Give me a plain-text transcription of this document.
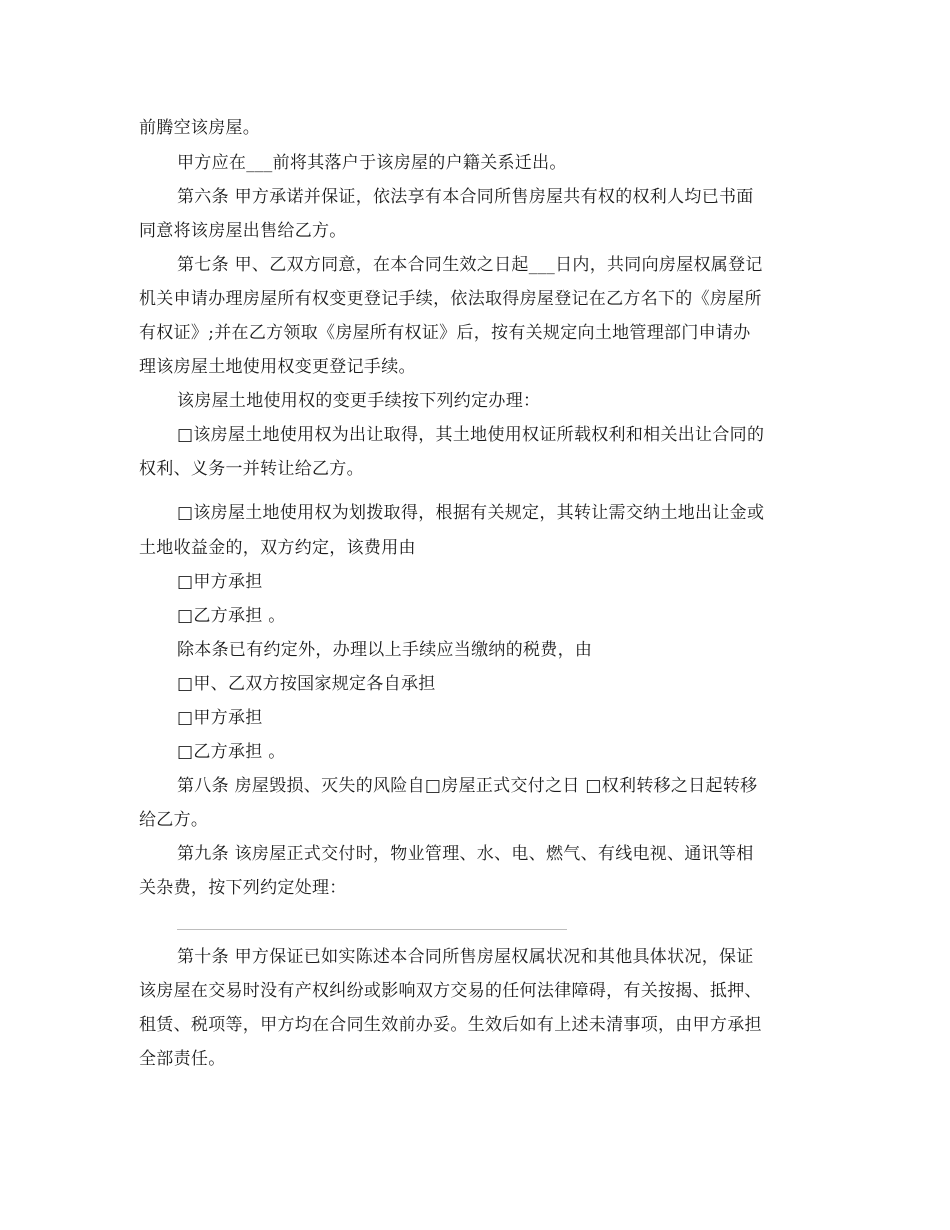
前腾空该房屋。
甲方应在___前将其落户于该房屋的户籍关系迁出。
第六条 甲方承诺并保证，依法享有本合同所售房屋共有权的权利人均已书面
同意将该房屋出售给乙方。
第七条 甲、乙双方同意，在本合同生效之日起___日内，共同向房屋权属登记
机关申请办理房屋所有权变更登记手续，依法取得房屋登记在乙方名下的《房屋所
有权证》;并在乙方领取《房屋所有权证》后，按有关规定向土地管理部门申请办
理该房屋土地使用权变更登记手续。
该房屋土地使用权的变更手续按下列约定办理：
□该房屋土地使用权为出让取得，其土地使用权证所载权利和相关出让合同的
权利、义务一并转让给乙方。
□该房屋土地使用权为划拨取得，根据有关规定，其转让需交纳土地出让金或
土地收益金的，双方约定，该费用由
□甲方承担
□乙方承担 。
除本条已有约定外，办理以上手续应当缴纳的税费，由
□甲、乙双方按国家规定各自承担
□甲方承担
□乙方承担 。
第八条 房屋毁损、灭失的风险自□房屋正式交付之日 □权利转移之日起转移
给乙方。
第九条 该房屋正式交付时，物业管理、水、电、燃气、有线电视、通讯等相
关杂费，按下列约定处理：
第十条 甲方保证已如实陈述本合同所售房屋权属状况和其他具体状况，保证
该房屋在交易时没有产权纠纷或影响双方交易的任何法律障碍，有关按揭、抵押、
租赁、税项等，甲方均在合同生效前办妥。生效后如有上述未清事项，由甲方承担
全部责任。
